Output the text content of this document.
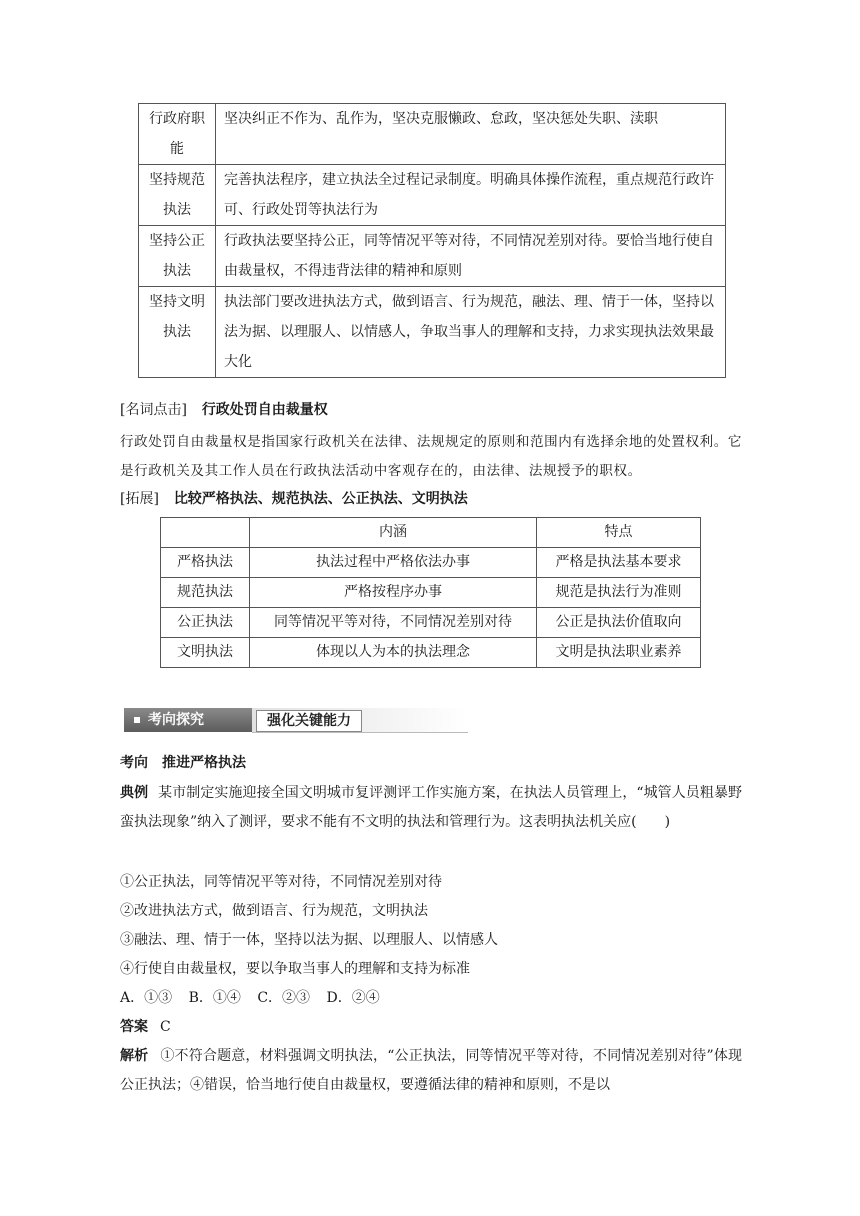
行政府职能	坚决纠正不作为、乱作为，坚决克服懒政、怠政，坚决惩处失职、渎职
坚持规范执法	完善执法程序，建立执法全过程记录制度。明确具体操作流程，重点规范行政许可、行政处罚等执法行为
坚持公正执法	行政执法要坚持公正，同等情况平等对待，不同情况差别对待。要恰当地行使自由裁量权，不得违背法律的精神和原则
坚持文明执法	执法部门要改进执法方式，做到语言、行为规范，融法、理、情于一体，坚持以法为据、以理服人、以情感人，争取当事人的理解和支持，力求实现执法效果最大化
[名词点击] 行政处罚自由裁量权
行政处罚自由裁量权是指国家行政机关在法律、法规规定的原则和范围内有选择余地的处置权利。它是行政机关及其工作人员在行政执法活动中客观存在的，由法律、法规授予的职权。
[拓展] 比较严格执法、规范执法、公正执法、文明执法
	内涵	特点
严格执法	执法过程中严格依法办事	严格是执法基本要求
规范执法	严格按程序办事	规范是执法行为准则
公正执法	同等情况平等对待，不同情况差别对待	公正是执法价值取向
文明执法	体现以人为本的执法理念	文明是执法职业素养
考向探究	强化关键能力
考向　推进严格执法
典例 某市制定实施迎接全国文明城市复评测评工作实施方案，在执法人员管理上，“城管人员粗暴野蛮执法现象”纳入了测评，要求不能有不文明的执法和管理行为。这表明执法机关应(　　)
①公正执法，同等情况平等对待，不同情况差别对待
②改进执法方式，做到语言、行为规范，文明执法
③融法、理、情于一体，坚持以法为据、以理服人、以情感人
④行使自由裁量权，要以争取当事人的理解和支持为标准
A．①③ B．①④ C．②③ D．②④
答案 C
解析 ①不符合题意，材料强调文明执法，“公正执法，同等情况平等对待，不同情况差别对待”体现公正执法；④错误，恰当地行使自由裁量权，要遵循法律的精神和原则，不是以
